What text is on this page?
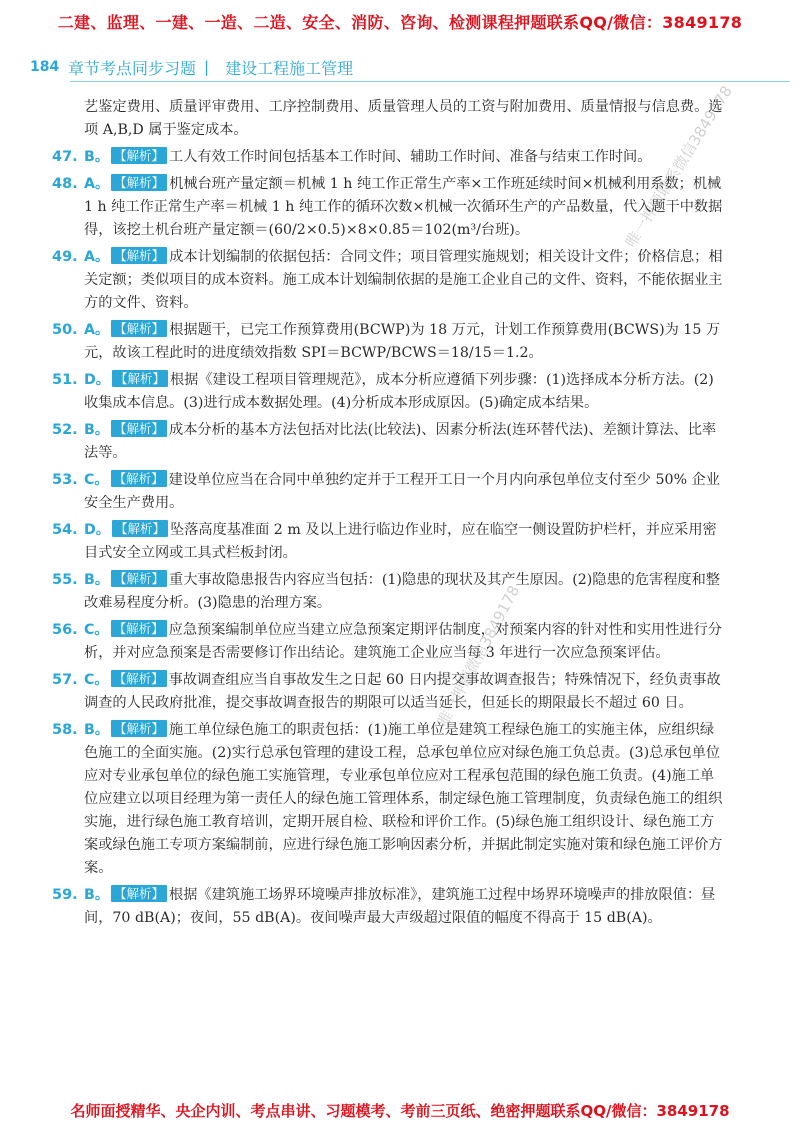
二建、监理、一建、一造、二造、安全、消防、咨询、检测课程押题联系QQ/微信：3849178
184 章节考点同步习题 | 建设工程施工管理

艺鉴定费用、质量评审费用、工序控制费用、质量管理人员的工资与附加费用、质量情报与信息费。选项 A,B,D 属于鉴定成本。

47. B。 【解析】 工人有效工作时间包括基本工作时间、辅助工作时间、准备与结束工作时间。

48. A。 【解析】 机械台班产量定额＝机械 1 h 纯工作正常生产率×工作班延续时间×机械利用系数；机械 1 h 纯工作正常生产率＝机械 1 h 纯工作的循环次数×机械一次循环生产的产品数量，代入题干中数据得，该挖土机台班产量定额＝(60/2×0.5)×8×0.85＝102(m³/台班)。

49. A。 【解析】 成本计划编制的依据包括：合同文件；项目管理实施规划；相关设计文件；价格信息；相关定额；类似项目的成本资料。施工成本计划编制依据的是施工企业自己的文件、资料，不能依据业主方的文件、资料。

50. A。 【解析】 根据题干，已完工作预算费用(BCWP)为 18 万元，计划工作预算费用(BCWS)为 15 万元，故该工程此时的进度绩效指数 SPI＝BCWP/BCWS＝18/15＝1.2。

51. D。 【解析】 根据《建设工程项目管理规范》，成本分析应遵循下列步骤：(1)选择成本分析方法。(2)收集成本信息。(3)进行成本数据处理。(4)分析成本形成原因。(5)确定成本结果。

52. B。 【解析】 成本分析的基本方法包括对比法(比较法)、因素分析法(连环替代法)、差额计算法、比率法等。

53. C。 【解析】 建设单位应当在合同中单独约定并于工程开工日一个月内向承包单位支付至少 50% 企业安全生产费用。

54. D。 【解析】 坠落高度基准面 2 m 及以上进行临边作业时，应在临空一侧设置防护栏杆，并应采用密目式安全立网或工具式栏板封闭。

55. B。 【解析】 重大事故隐患报告内容应当包括：(1)隐患的现状及其产生原因。(2)隐患的危害程度和整改难易程度分析。(3)隐患的治理方案。

56. C。 【解析】 应急预案编制单位应当建立应急预案定期评估制度，对预案内容的针对性和实用性进行分析，并对应急预案是否需要修订作出结论。建筑施工企业应当每 3 年进行一次应急预案评估。

57. C。 【解析】 事故调查组应当自事故发生之日起 60 日内提交事故调查报告；特殊情况下，经负责事故调查的人民政府批准，提交事故调查报告的期限可以适当延长，但延长的期限最长不超过 60 日。

58. B。 【解析】 施工单位绿色施工的职责包括：(1)施工单位是建筑工程绿色施工的实施主体，应组织绿色施工的全面实施。(2)实行总承包管理的建设工程，总承包单位应对绿色施工负总责。(3)总承包单位应对专业承包单位的绿色施工实施管理，专业承包单位应对工程承包范围的绿色施工负责。(4)施工单位应建立以项目经理为第一责任人的绿色施工管理体系，制定绿色施工管理制度，负责绿色施工的组织实施，进行绿色施工教育培训，定期开展自检、联检和评价工作。(5)绿色施工组织设计、绿色施工方案或绿色施工专项方案编制前，应进行绿色施工影响因素分析，并据此制定实施对策和绿色施工评价方案。

59. B。 【解析】 根据《建筑施工场界环境噪声排放标准》，建筑施工过程中场界环境噪声的排放限值：昼间，70 dB(A)；夜间，55 dB(A)。夜间噪声最大声级超过限值的幅度不得高于 15 dB(A)。

唯一押题联系微信3849178
唯一押题微信3849178
名师面授精华、央企内训、考点串讲、习题模考、考前三页纸、绝密押题联系QQ/微信：3849178
